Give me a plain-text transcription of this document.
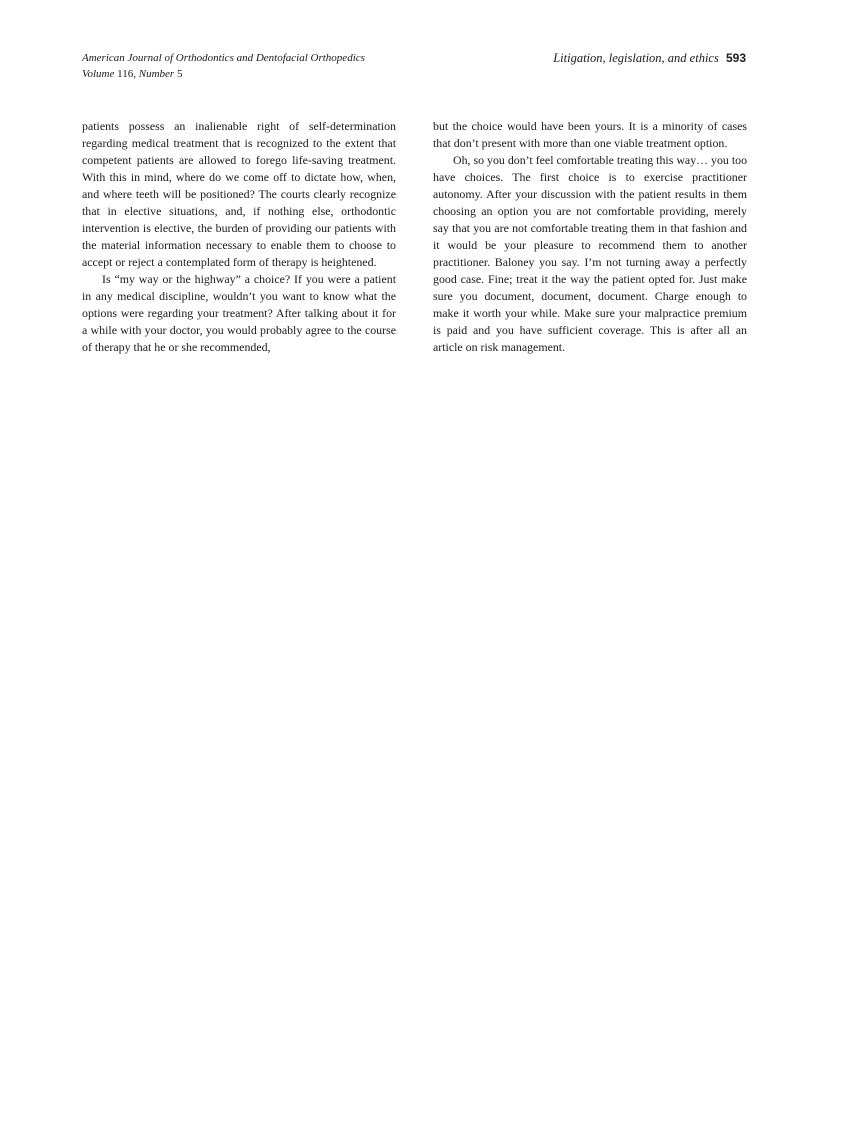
American Journal of Orthodontics and Dentofacial Orthopedics
Volume 116, Number 5
Litigation, legislation, and ethics 593

patients possess an inalienable right of self-determination regarding medical treatment that is recognized to the extent that competent patients are allowed to forego life-saving treatment. With this in mind, where do we come off to dictate how, when, and where teeth will be positioned? The courts clearly recognize that in elective situations, and, if nothing else, orthodontic intervention is elective, the burden of providing our patients with the material information necessary to enable them to choose to accept or reject a contemplated form of therapy is heightened.

Is “my way or the highway” a choice? If you were a patient in any medical discipline, wouldn’t you want to know what the options were regarding your treatment? After talking about it for a while with your doctor, you would probably agree to the course of therapy that he or she recommended,

but the choice would have been yours. It is a minority of cases that don’t present with more than one viable treatment option.

Oh, so you don’t feel comfortable treating this way… you too have choices. The first choice is to exercise practitioner autonomy. After your discussion with the patient results in them choosing an option you are not comfortable providing, merely say that you are not comfortable treating them in that fashion and it would be your pleasure to recommend them to another practitioner. Baloney you say. I’m not turning away a perfectly good case. Fine; treat it the way the patient opted for. Just make sure you document, document, document. Charge enough to make it worth your while. Make sure your malpractice premium is paid and you have sufficient coverage. This is after all an article on risk management.
